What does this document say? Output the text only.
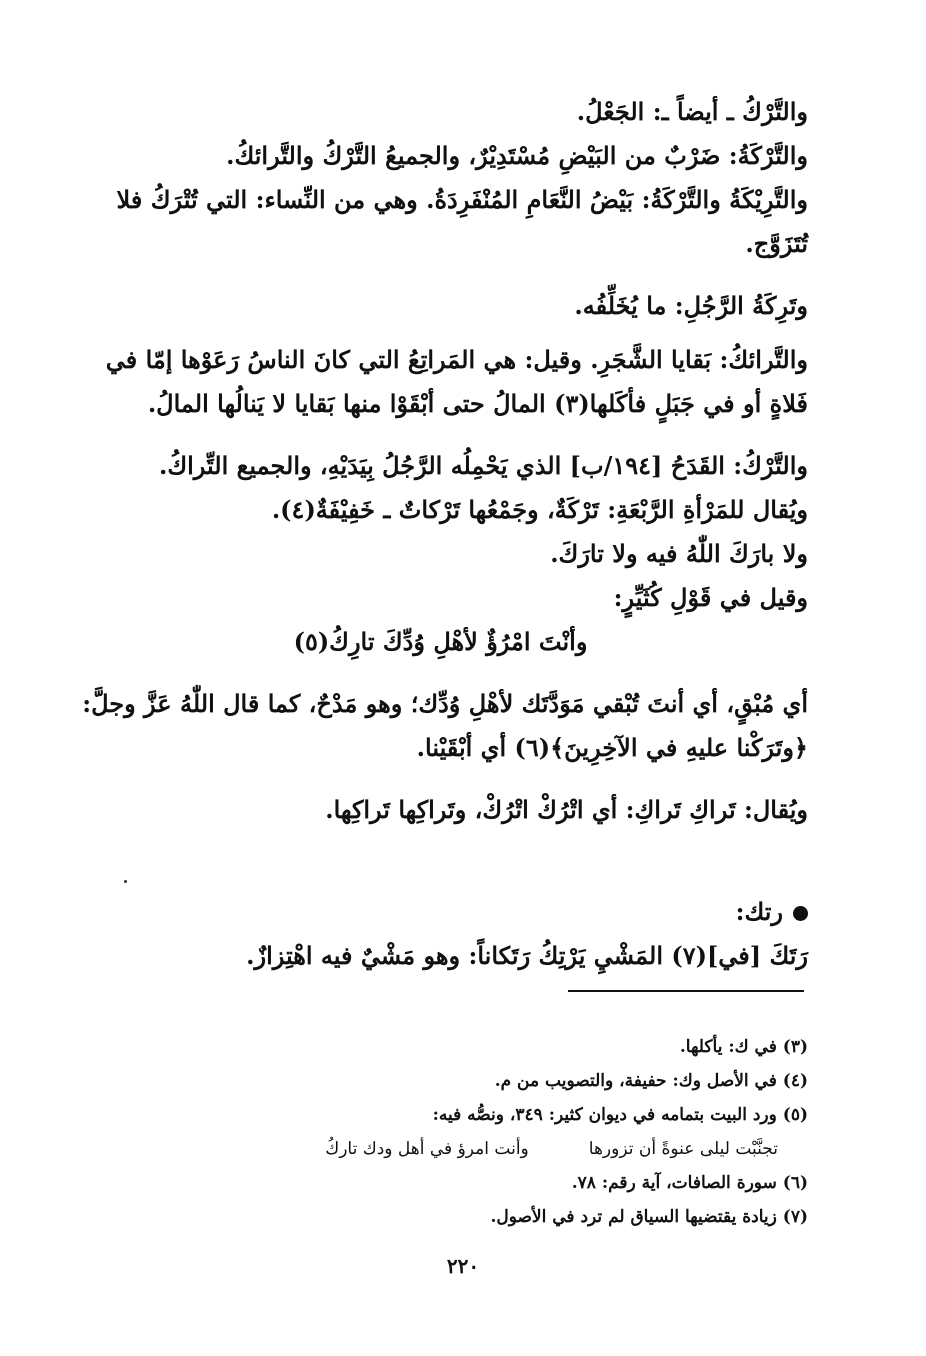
والتَّرْكُ ـ أيضاً ـ: الجَعْلُ.

والتَّرْكَةُ: ضَرْبٌ من البَيْضِ مُسْتَدِيْرٌ، والجميعُ التَّرْكُ والتَّرائكُ.

والتَّرِيْكَةُ والتَّرْكَةُ: بَيْضُ النَّعَامِ المُنْفَرِدَةُ. وهي من النِّساء: التي تُتْرَكُ فلا تُتَزَوَّج.

وتَرِكَةُ الرَّجُلِ: ما يُخَلِّفُه.

والتَّرائكُ: بَقايا الشَّجَرِ. وقيل: هي المَراتِعُ التي كانَ الناسُ رَعَوْها إمّا في فَلاةٍ أو في جَبَلٍ فأكَلها(٣) المالُ حتى أبْقَوْا منها بَقايا لا يَنالُها المالُ.

والتَّرْكُ: القَدَحُ [١٩٤/ب] الذي يَحْمِلُه الرَّجُلُ بِيَدَيْهِ، والجميع التِّراكُ.

ويُقال للمَرْأةِ الرَّبْعَةِ: تَرْكَةٌ، وجَمْعُها تَرْكاتٌ ـ خَفِيْفَةٌ(٤).

ولا بارَكَ اللّٰهُ فيه ولا تارَكَ.

وقيل في قَوْلِ كُثَيِّرٍ:

وأنْتَ امْرُؤٌ لأهْلِ وُدِّكَ تارِكُ(٥)

أي مُبْقٍ، أي أنتَ تُبْقي مَوَدَّتَك لأهْلِ وُدِّك؛ وهو مَدْحٌ، كما قال اللّٰهُ عَزَّ وجلَّ: ﴿وتَرَكْنا عليهِ في الآخِرِينَ﴾(٦) أي أبْقَيْنا.

ويُقال: تَراكِ تَراكِ: أي اتْرُكْ اتْرُكْ، وتَراكِها تَراكِها.

رتك:

رَتَكَ [في](٧) المَشْيِ يَرْتِكُ رَتَكاناً: وهو مَشْيٌ فيه اهْتِزازٌ.

(٣) في ك: يأكلها.

(٤) في الأصل وك: حفيفة، والتصويب من م.

(٥) ورد البيت بتمامه في ديوان كثير: ٣٤٩، ونصُّه فيه:

تجنَّبْت ليلى عنوةً أن تزورها
وأنت امرؤ في أهل ودك تاركُ

(٦) سورة الصافات، آية رقم: ٧٨.

(٧) زيادة يقتضيها السياق لم ترد في الأصول.

٢٢٠
